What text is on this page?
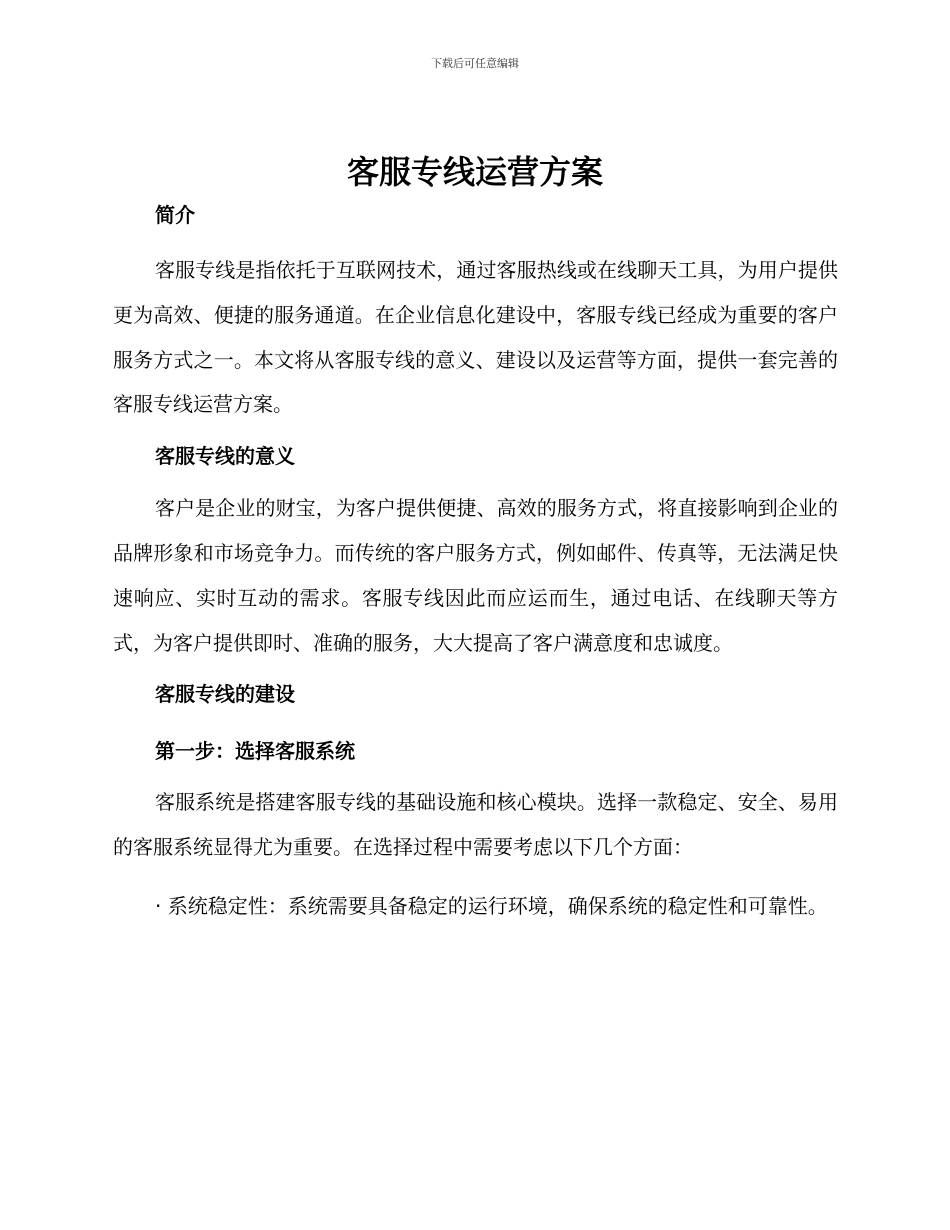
下载后可任意编辑
客服专线运营方案
简介

客服专线是指依托于互联网技术，通过客服热线或在线聊天工具，为用户提供更为高效、便捷的服务通道。在企业信息化建设中，客服专线已经成为重要的客户服务方式之一。本文将从客服专线的意义、建设以及运营等方面，提供一套完善的客服专线运营方案。

客服专线的意义

客户是企业的财宝，为客户提供便捷、高效的服务方式，将直接影响到企业的品牌形象和市场竞争力。而传统的客户服务方式，例如邮件、传真等，无法满足快速响应、实时互动的需求。客服专线因此而应运而生，通过电话、在线聊天等方式，为客户提供即时、准确的服务，大大提高了客户满意度和忠诚度。

客服专线的建设
第一步：选择客服系统

客服系统是搭建客服专线的基础设施和核心模块。选择一款稳定、安全、易用的客服系统显得尤为重要。在选择过程中需要考虑以下几个方面：

· 系统稳定性：系统需要具备稳定的运行环境，确保系统的稳定性和可靠性。
